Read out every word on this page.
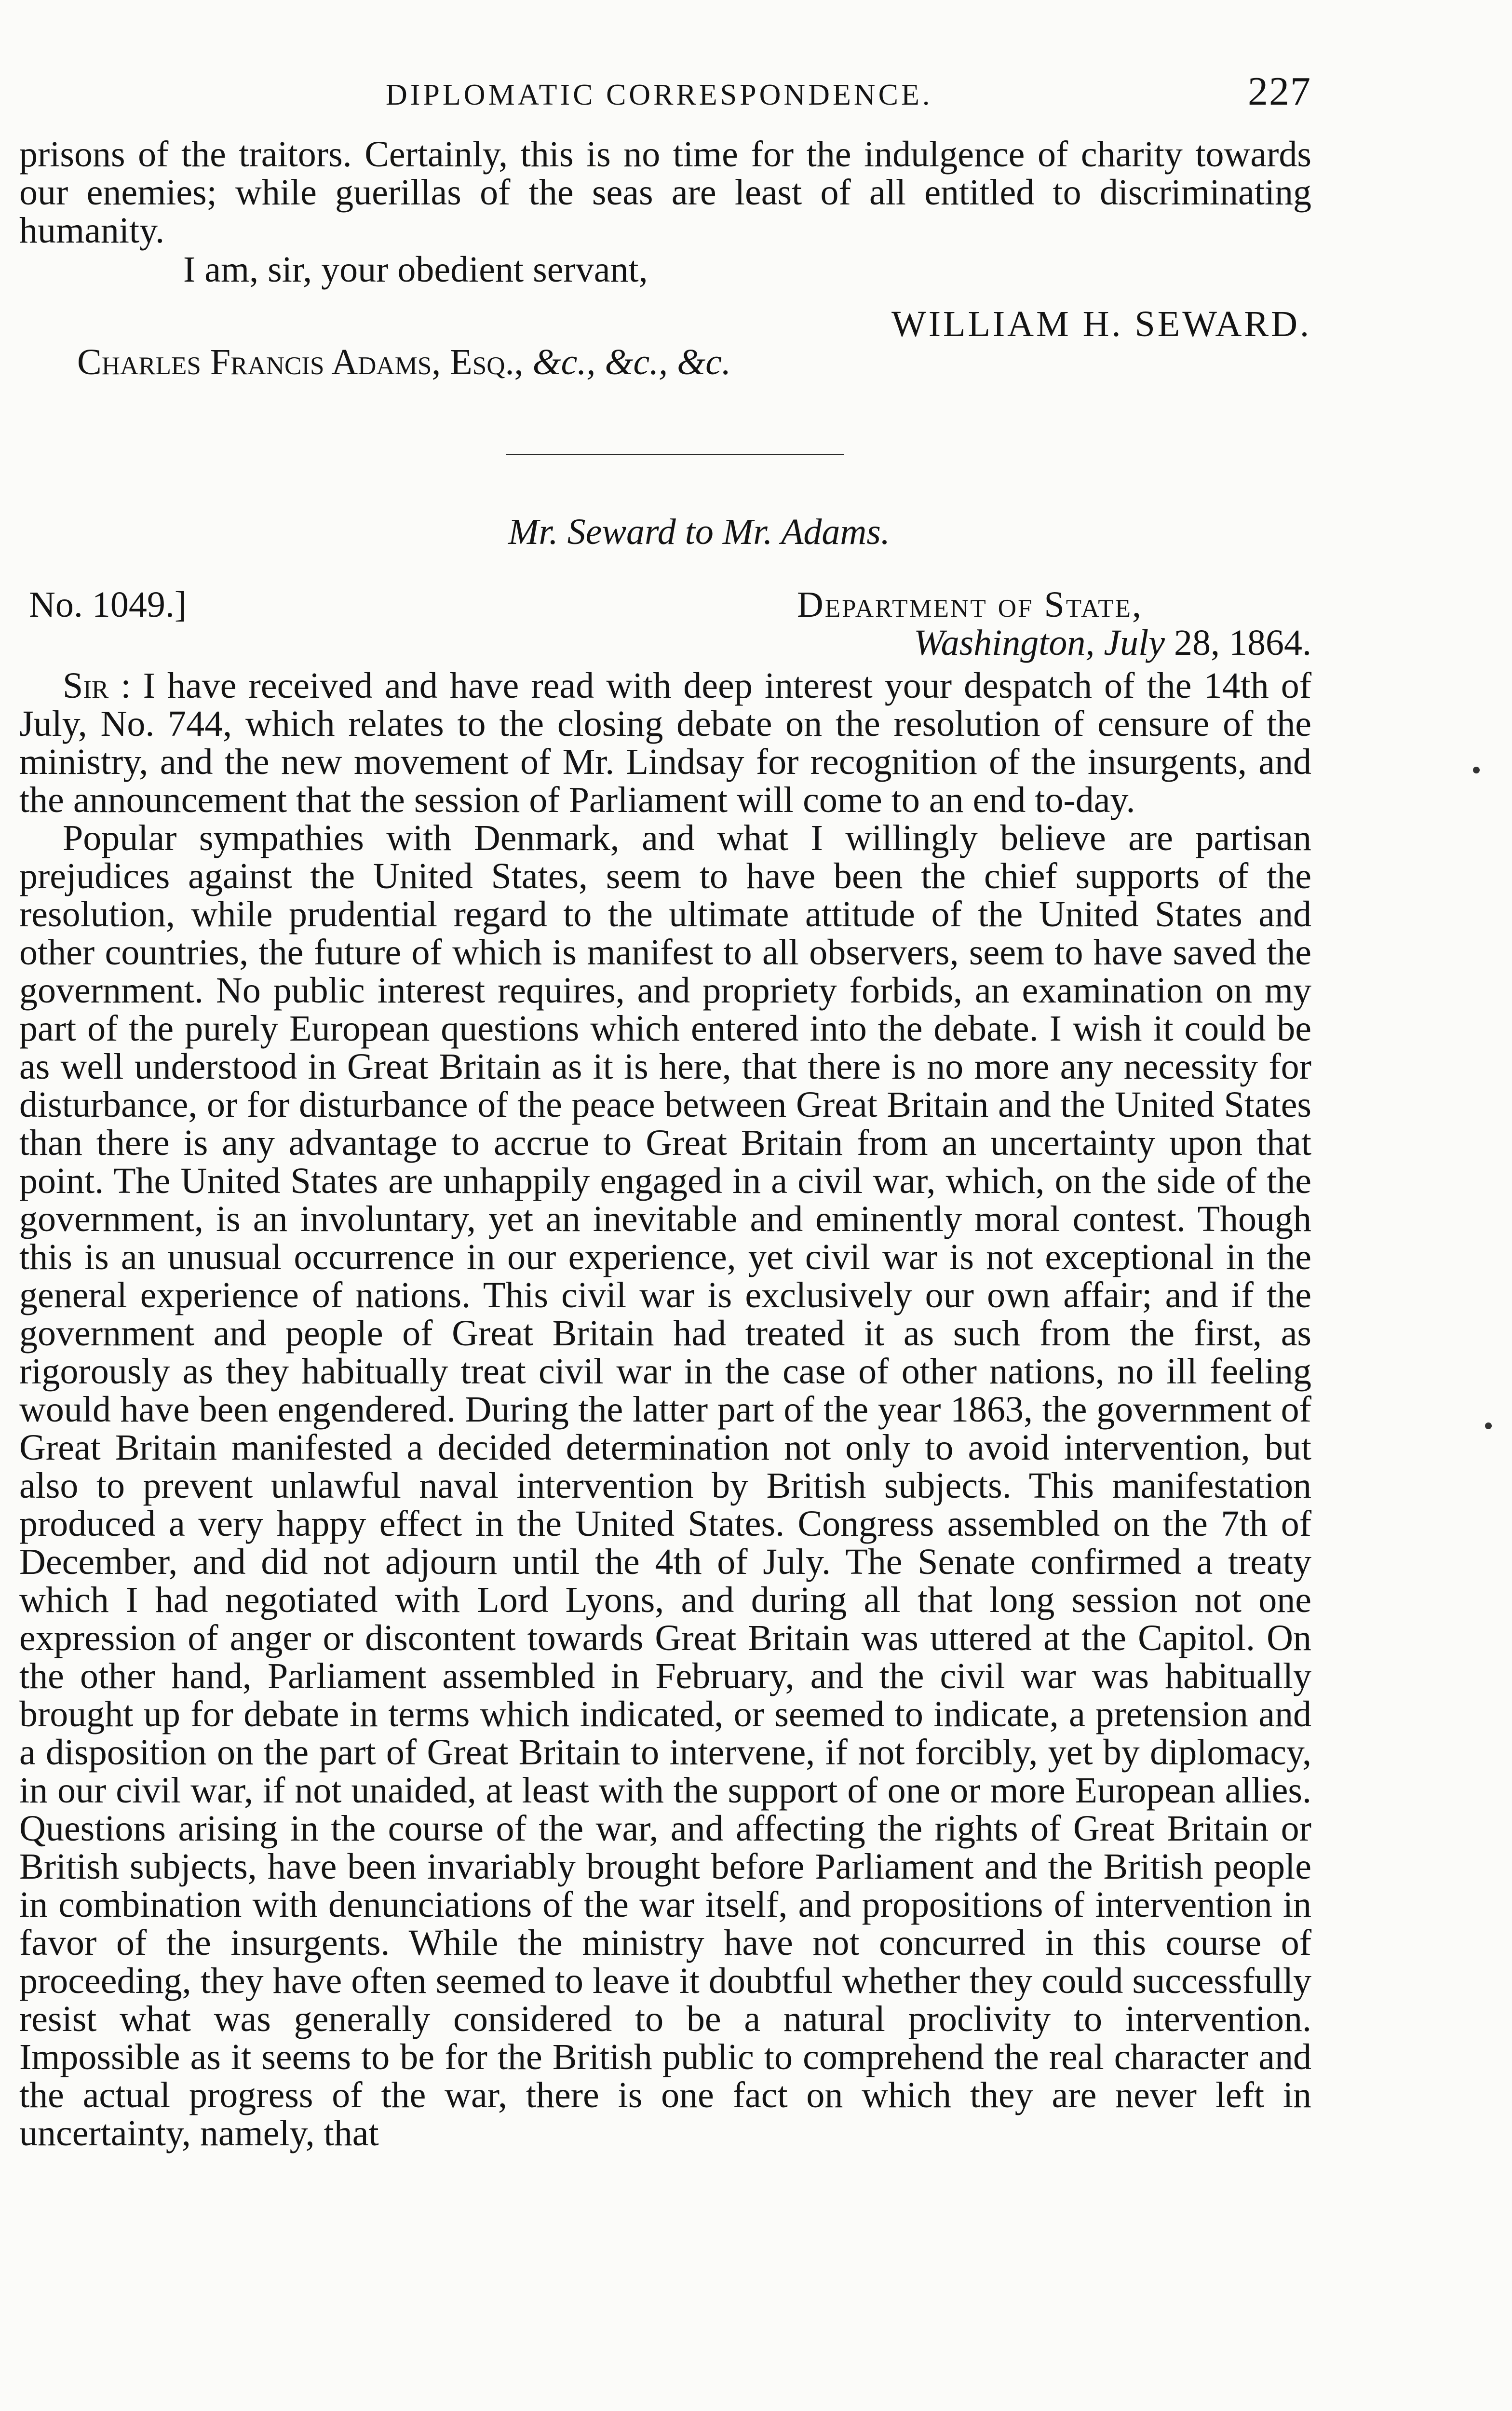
DIPLOMATIC CORRESPONDENCE.	227

prisons of the traitors. Certainly, this is no time for the indulgence of charity towards our enemies; while guerillas of the seas are least of all entitled to discriminating humanity.

I am, sir, your obedient servant,

WILLIAM H. SEWARD.

Charles Francis Adams, Esq., &c., &c., &c.

Mr. Seward to Mr. Adams.

No. 1049.]	Department of State,

Washington, July 28, 1864.

Sir : I have received and have read with deep interest your despatch of the 14th of July, No. 744, which relates to the closing debate on the resolution of censure of the ministry, and the new movement of Mr. Lindsay for recognition of the insurgents, and the announcement that the session of Parliament will come to an end to-day.

Popular sympathies with Denmark, and what I willingly believe are partisan prejudices against the United States, seem to have been the chief supports of the resolution, while prudential regard to the ultimate attitude of the United States and other countries, the future of which is manifest to all observers, seem to have saved the government. No public interest requires, and propriety forbids, an examination on my part of the purely European questions which entered into the debate. I wish it could be as well understood in Great Britain as it is here, that there is no more any necessity for disturbance, or for disturbance of the peace between Great Britain and the United States than there is any advantage to accrue to Great Britain from an uncertainty upon that point. The United States are unhappily engaged in a civil war, which, on the side of the government, is an involuntary, yet an inevitable and eminently moral contest. Though this is an unusual occurrence in our experience, yet civil war is not exceptional in the general experience of nations. This civil war is exclusively our own affair; and if the government and people of Great Britain had treated it as such from the first, as rigorously as they habitually treat civil war in the case of other nations, no ill feeling would have been engendered. During the latter part of the year 1863, the government of Great Britain manifested a decided determination not only to avoid intervention, but also to prevent unlawful naval intervention by British subjects. This manifestation produced a very happy effect in the United States. Congress assembled on the 7th of December, and did not adjourn until the 4th of July. The Senate confirmed a treaty which I had negotiated with Lord Lyons, and during all that long session not one expression of anger or discontent towards Great Britain was uttered at the Capitol. On the other hand, Parliament assembled in February, and the civil war was habitually brought up for debate in terms which indicated, or seemed to indicate, a pretension and a disposition on the part of Great Britain to intervene, if not forcibly, yet by diplomacy, in our civil war, if not unaided, at least with the support of one or more European allies. Questions arising in the course of the war, and affecting the rights of Great Britain or British subjects, have been invariably brought before Parliament and the British people in combination with denunciations of the war itself, and propositions of intervention in favor of the insurgents. While the ministry have not concurred in this course of proceeding, they have often seemed to leave it doubtful whether they could successfully resist what was generally considered to be a natural proclivity to intervention. Impossible as it seems to be for the British public to comprehend the real character and the actual progress of the war, there is one fact on which they are never left in uncertainty, namely, that
